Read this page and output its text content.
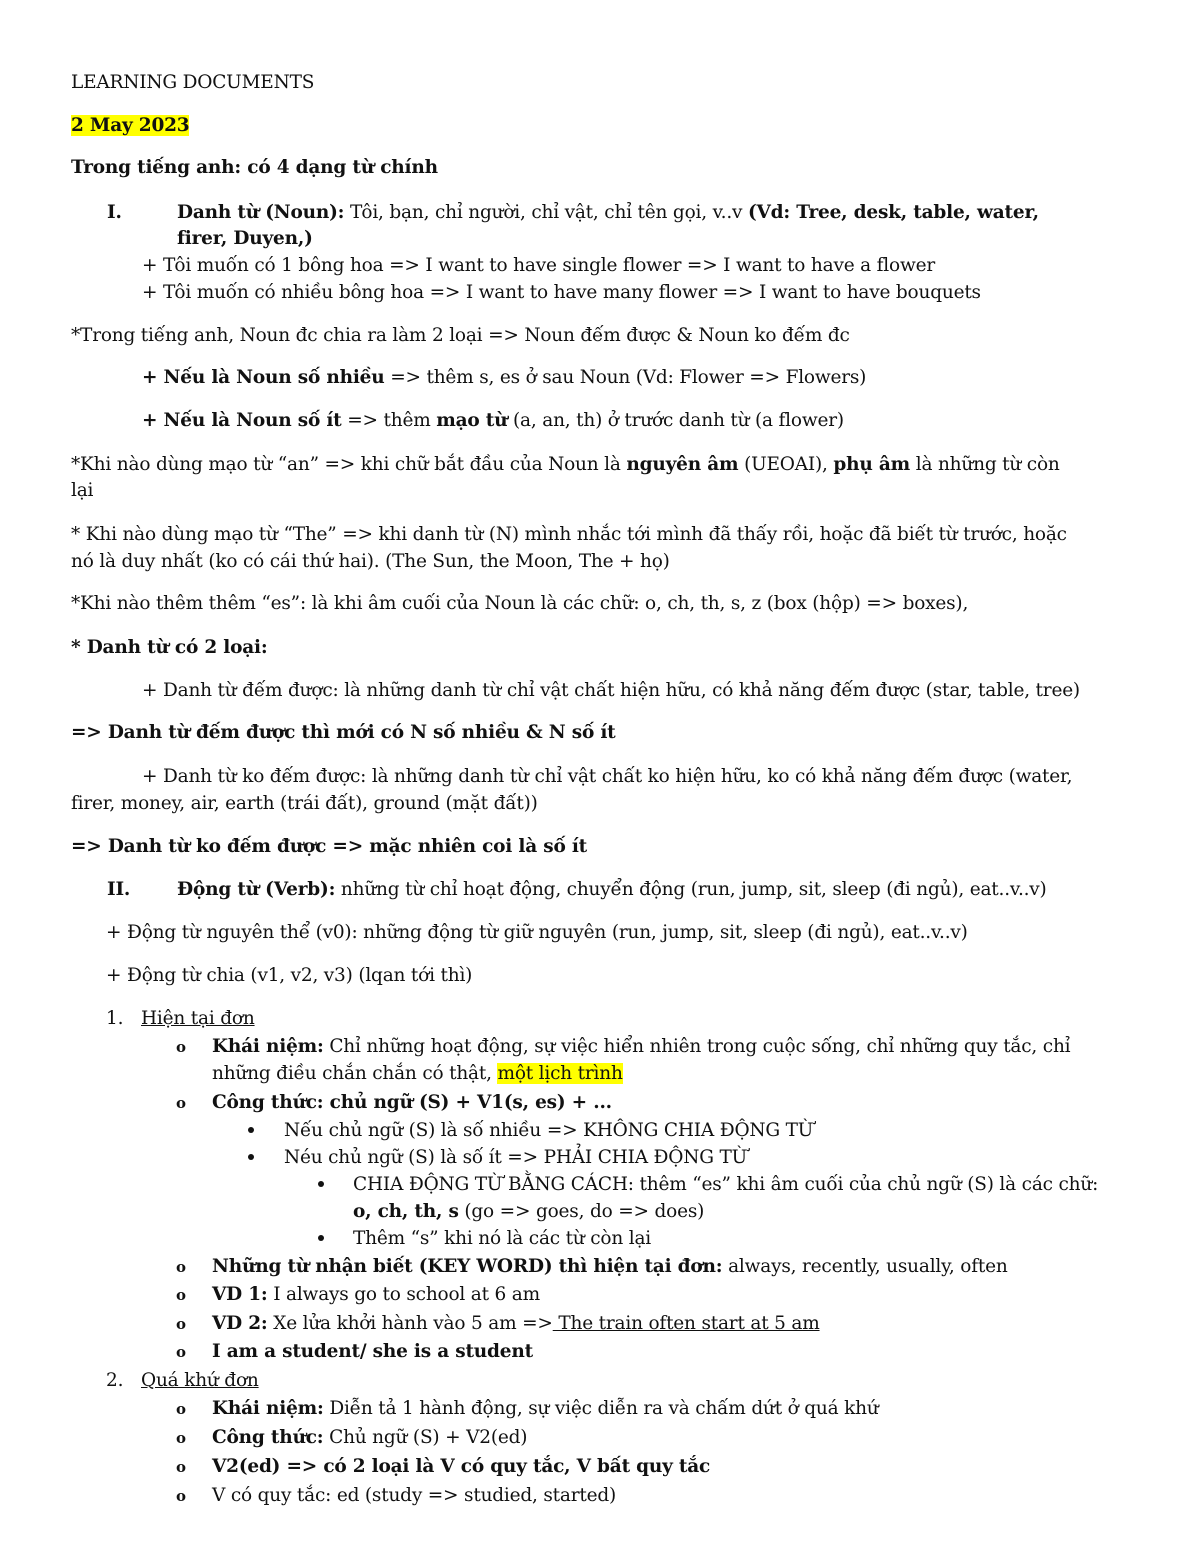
LEARNING DOCUMENTS
2 May 2023
Trong tiếng anh: có 4 dạng từ chính
I.	Danh từ (Noun): Tôi, bạn, chỉ người, chỉ vật, chỉ tên gọi, v..v (Vd: Tree, desk, table, water,
firer, Duyen,)
+ Tôi muốn có 1 bông hoa => I want to have single flower => I want to have a flower
+ Tôi muốn có nhiều bông hoa => I want to have many flower => I want to have bouquets
*Trong tiếng anh, Noun đc chia ra làm 2 loại => Noun đếm được & Noun ko đếm đc
+ Nếu là Noun số nhiều => thêm s, es ở sau Noun (Vd: Flower => Flowers)
+ Nếu là Noun số ít => thêm mạo từ (a, an, th) ở trước danh từ (a flower)
*Khi nào dùng mạo từ “an” => khi chữ bắt đầu của Noun là nguyên âm (UEOAI), phụ âm là những từ còn
lại
* Khi nào dùng mạo từ “The” => khi danh từ (N) mình nhắc tới mình đã thấy rồi, hoặc đã biết từ trước, hoặc
nó là duy nhất (ko có cái thứ hai). (The Sun, the Moon, The + họ)
*Khi nào thêm thêm “es”: là khi âm cuối của Noun là các chữ: o, ch, th, s, z (box (hộp) => boxes),
* Danh từ có 2 loại:
+ Danh từ đếm được: là những danh từ chỉ vật chất hiện hữu, có khả năng đếm được (star, table, tree)
=> Danh từ đếm được thì mới có N số nhiều & N số ít
+ Danh từ ko đếm được: là những danh từ chỉ vật chất ko hiện hữu, ko có khả năng đếm được (water,
firer, money, air, earth (trái đất), ground (mặt đất))
=> Danh từ ko đếm được => mặc nhiên coi là số ít
II.	Động từ (Verb): những từ chỉ hoạt động, chuyển động (run, jump, sit, sleep (đi ngủ), eat..v..v)
+ Động từ nguyên thể (v0): những động từ giữ nguyên (run, jump, sit, sleep (đi ngủ), eat..v..v)
+ Động từ chia (v1, v2, v3) (lqan tới thì)
1. Hiện tại đơn
o Khái niệm: Chỉ những hoạt động, sự việc hiển nhiên trong cuộc sống, chỉ những quy tắc, chỉ
những điều chắn chắn có thật, một lịch trình
o Công thức: chủ ngữ (S) + V1(s, es) + ...
Nếu chủ ngữ (S) là số nhiều => KHÔNG CHIA ĐỘNG TỪ
Néu chủ ngữ (S) là số ít => PHẢI CHIA ĐỘNG TỪ
CHIA ĐỘNG TỪ BẰNG CÁCH: thêm “es” khi âm cuối của chủ ngữ (S) là các chữ:
o, ch, th, s (go => goes, do => does)
Thêm “s” khi nó là các từ còn lại
o Những từ nhận biết (KEY WORD) thì hiện tại đơn: always, recently, usually, often
o VD 1: I always go to school at 6 am
o VD 2: Xe lửa khởi hành vào 5 am => The train often start at 5 am
o I am a student/ she is a student
2. Quá khứ đơn
o Khái niệm: Diễn tả 1 hành động, sự việc diễn ra và chấm dứt ở quá khứ
o Công thức: Chủ ngữ (S) + V2(ed)
o V2(ed) => có 2 loại là V có quy tắc, V bất quy tắc
o V có quy tắc: ed (study => studied, started)
